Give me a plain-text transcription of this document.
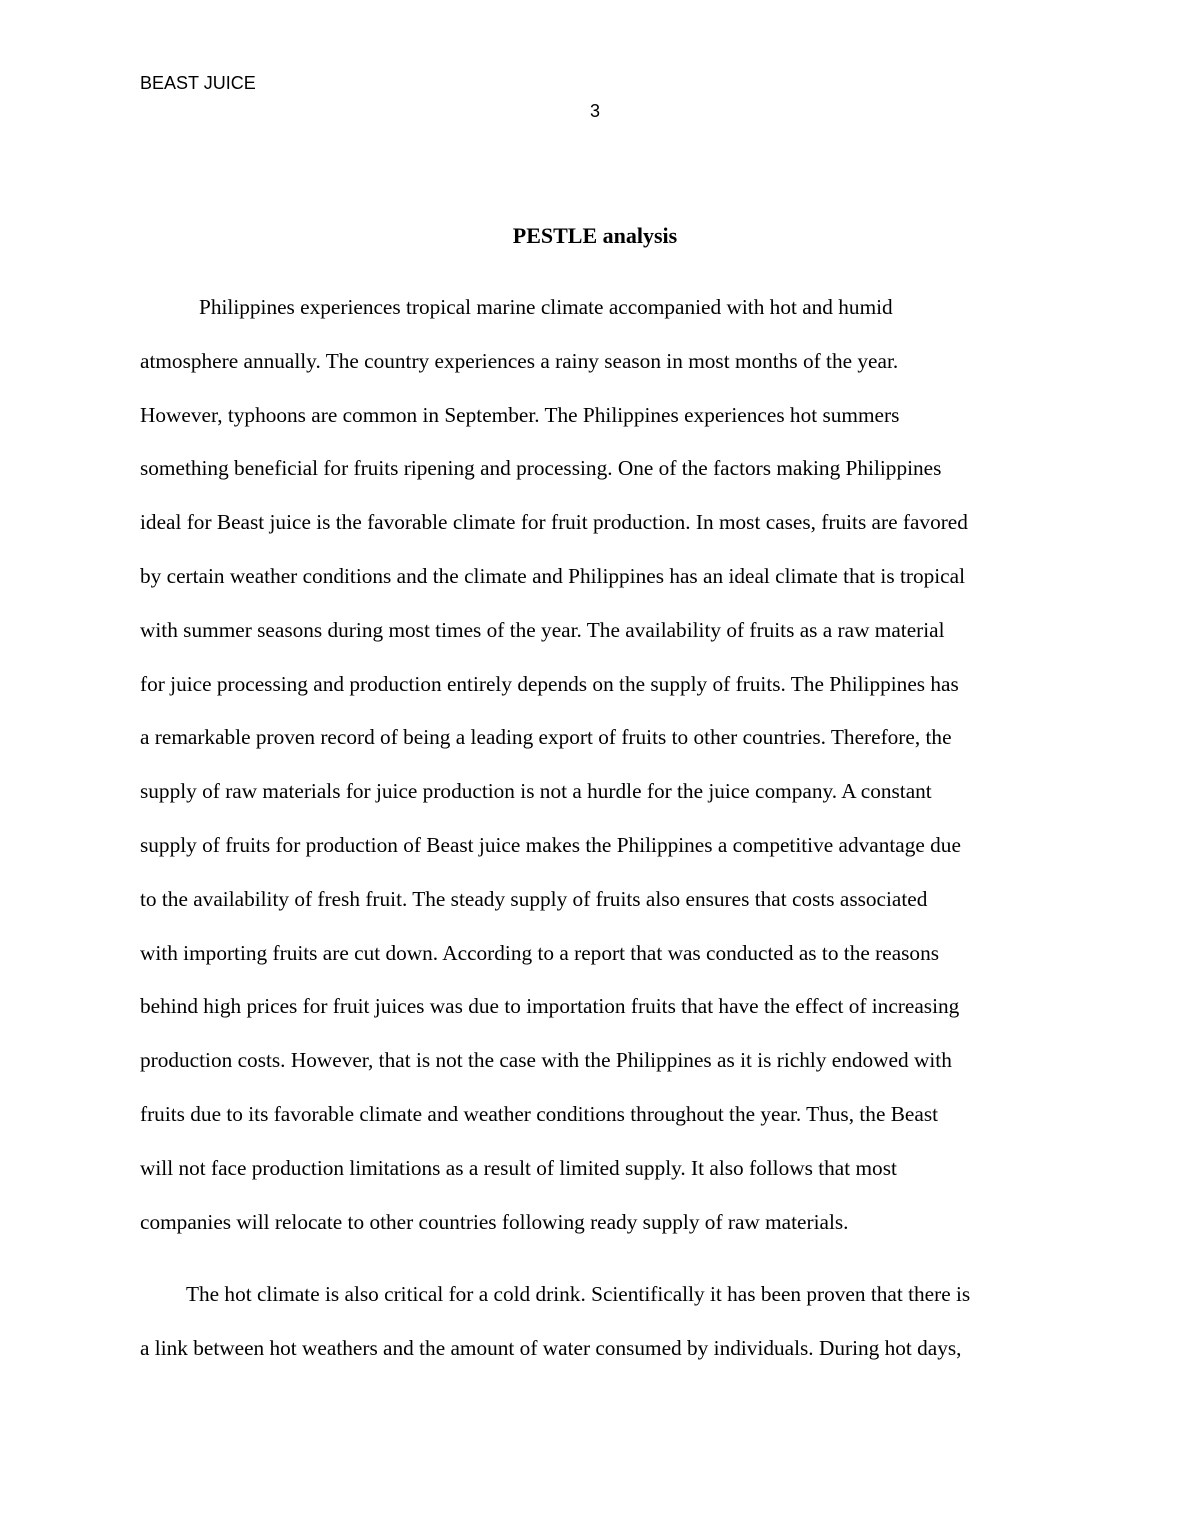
BEAST JUICE

3

PESTLE analysis
Philippines experiences tropical marine climate accompanied with hot and humid
atmosphere annually. The country experiences a rainy season in most months of the year.
However, typhoons are common in September. The Philippines experiences hot summers
something beneficial for fruits ripening and processing. One of the factors making Philippines
ideal for Beast juice is the favorable climate for fruit production. In most cases, fruits are favored
by certain weather conditions and the climate and Philippines has an ideal climate that is tropical
with summer seasons during most times of the year. The availability of fruits as a raw material
for juice processing and production entirely depends on the supply of fruits. The Philippines has
a remarkable proven record of being a leading export of fruits to other countries. Therefore, the
supply of raw materials for juice production is not a hurdle for the juice company. A constant
supply of fruits for production of Beast juice makes the Philippines a competitive advantage due
to the availability of fresh fruit. The steady supply of fruits also ensures that costs associated
with importing fruits are cut down. According to a report that was conducted as to the reasons
behind high prices for fruit juices was due to importation fruits that have the effect of increasing
production costs. However, that is not the case with the Philippines as it is richly endowed with
fruits due to its favorable climate and weather conditions throughout the year. Thus, the Beast
will not face production limitations as a result of limited supply. It also follows that most
companies will relocate to other countries following ready supply of raw materials.
The hot climate is also critical for a cold drink. Scientifically it has been proven that there is
a link between hot weathers and the amount of water consumed by individuals. During hot days,
